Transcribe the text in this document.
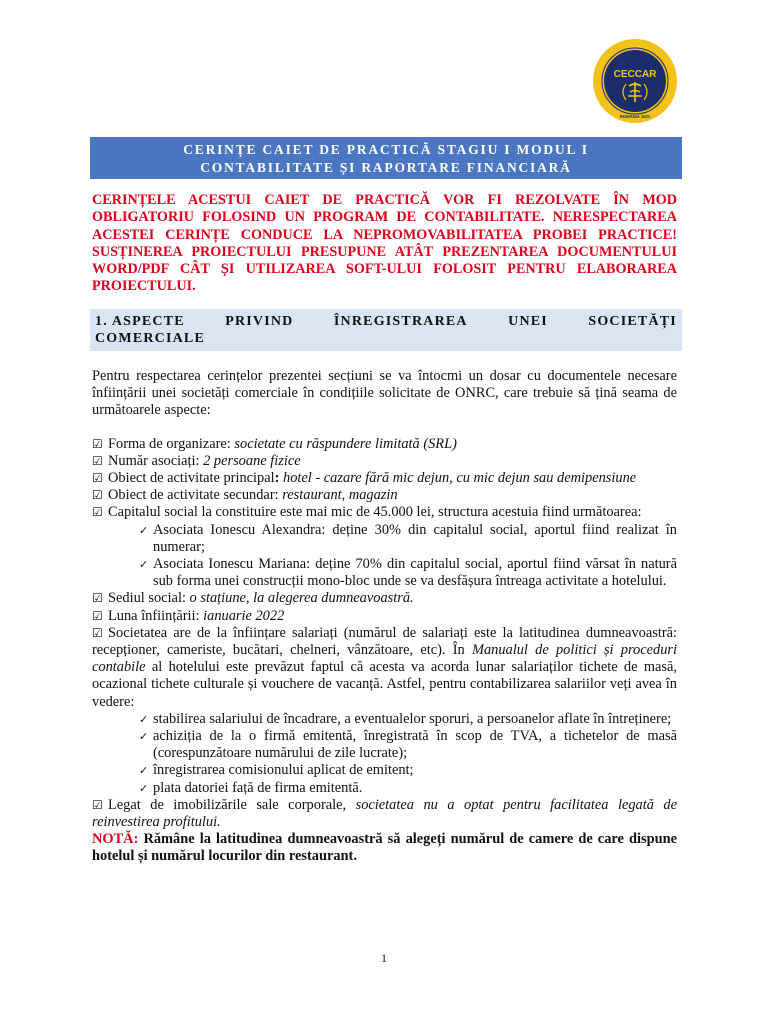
CECCAR
ROMÂNIA 1921
CERINȚE CAIET DE PRACTICĂ STAGIU I MODUL I
CONTABILITATE ȘI RAPORTARE FINANCIARĂ
CERINȚELE ACESTUI CAIET DE PRACTICĂ VOR FI REZOLVATE ÎN MOD OBLIGATORIU FOLOSIND UN PROGRAM DE CONTABILITATE. NERESPECTAREA ACESTEI CERINȚE CONDUCE LA NEPROMOVABILITATEA PROBEI PRACTICE! SUSȚINEREA PROIECTULUI PRESUPUNE ATÂT PREZENTAREA DOCUMENTULUI WORD/PDF CÂT ȘI UTILIZAREA SOFT-ULUI FOLOSIT PENTRU ELABORAREA PROIECTULUI.
1. ASPECTE	PRIVIND	ÎNREGISTRAREA	UNEI	SOCIETĂȚI
COMERCIALE

Pentru respectarea cerințelor prezentei secțiuni se va întocmi un dosar cu documentele necesare înființării unei societăți comerciale în condițiile solicitate de ONRC, care trebuie să țină seama de următoarele aspecte:

☑ Forma de organizare: societate cu răspundere limitată (SRL)

☑ Număr asociați: 2 persoane fizice

☑ Obiect de activitate principal: hotel - cazare fără mic dejun, cu mic dejun sau demipensiune

☑ Obiect de activitate secundar: restaurant, magazin

☑ Capitalul social la constituire este mai mic de 45.000 lei, structura acestuia fiind următoarea:

✓ Asociata Ionescu Alexandra: deține 30% din capitalul social, aportul fiind realizat în numerar;

✓ Asociata Ionescu Mariana: deține 70% din capitalul social, aportul fiind vărsat în natură sub forma unei construcții mono-bloc unde se va desfășura întreaga activitate a hotelului.

☑ Sediul social: o stațiune, la alegerea dumneavoastră.

☑ Luna înființării: ianuarie 2022

☑ Societatea are de la înființare salariați (numărul de salariați este la latitudinea dumneavoastră: recepționer, cameriste, bucătari, chelneri, vânzătoare, etc). În Manualul de politici și proceduri contabile al hotelului este prevăzut faptul că acesta va acorda lunar salariaților tichete de masă, ocazional tichete culturale și vouchere de vacanță. Astfel, pentru contabilizarea salariilor veți avea în vedere:

✓ stabilirea salariului de încadrare, a eventualelor sporuri, a persoanelor aflate în întreținere;

✓ achiziția de la o firmă emitentă, înregistrată în scop de TVA, a tichetelor de masă (corespunzătoare numărului de zile lucrate);

✓ înregistrarea comisionului aplicat de emitent;

✓ plata datoriei față de firma emitentă.

☑ Legat de imobilizările sale corporale, societatea nu a optat pentru facilitatea legată de reinvestirea profitului.

NOTĂ: Rămâne la latitudinea dumneavoastră să alegeți numărul de camere de care dispune hotelul și numărul locurilor din restaurant.

1
